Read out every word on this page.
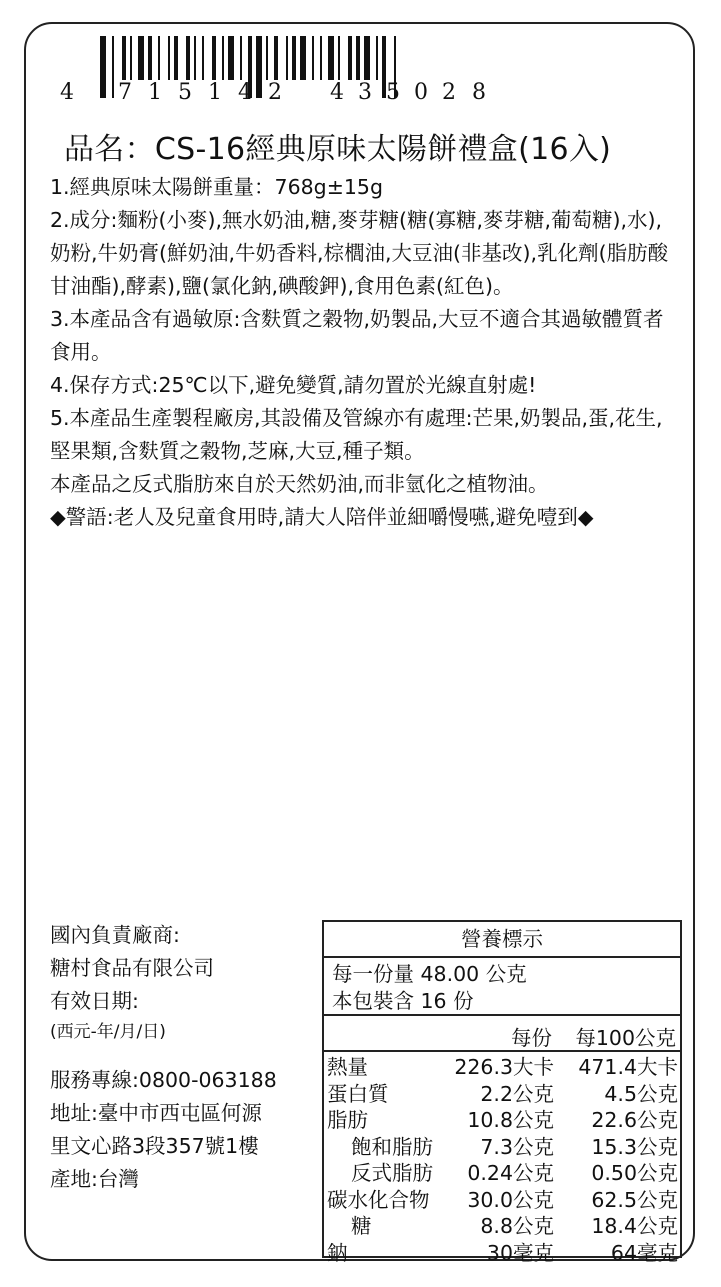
4 7 1 5 1 4 2 4 3 5 0 2 8
品名：CS-16經典原味太陽餅禮盒(16入)

1.經典原味太陽餅重量：768g±15g

2.成分:麵粉(小麥),無水奶油,糖,麥芽糖(糖(寡糖,麥芽糖,葡萄糖),水),奶粉,牛奶膏(鮮奶油,牛奶香料,棕櫚油,大豆油(非基改),乳化劑(脂肪酸甘油酯),酵素),鹽(氯化鈉,碘酸鉀),食用色素(紅色)。

3.本產品含有過敏原:含麩質之穀物,奶製品,大豆不適合其過敏體質者食用。

4.保存方式:25℃以下,避免變質,請勿置於光線直射處!

5.本產品生產製程廠房,其設備及管線亦有處理:芒果,奶製品,蛋,花生,堅果類,含麩質之穀物,芝麻,大豆,種子類。

本產品之反式脂肪來自於天然奶油,而非氫化之植物油。

◆警語:老人及兒童食用時,請大人陪伴並細嚼慢嚥,避免噎到◆

國內負責廠商:
糖村食品有限公司
有效日期:
(西元-年/月/日)
服務專線:0800-063188
地址:臺中市西屯區何源
里文心路3段357號1樓
產地:台灣
營養標示
每一份量 48.00 公克
本包裝含 16 份
每份 每100公克
熱量	226.3大卡 471.4大卡
蛋白質	2.2公克 4.5公克
脂肪	10.8公克 22.6公克
飽和脂肪 7.3公克 15.3公克
反式脂肪 0.24公克 0.50公克
碳水化合物 30.0公克 62.5公克
糖	8.8公克 18.4公克
鈉	30毫克	64毫克
